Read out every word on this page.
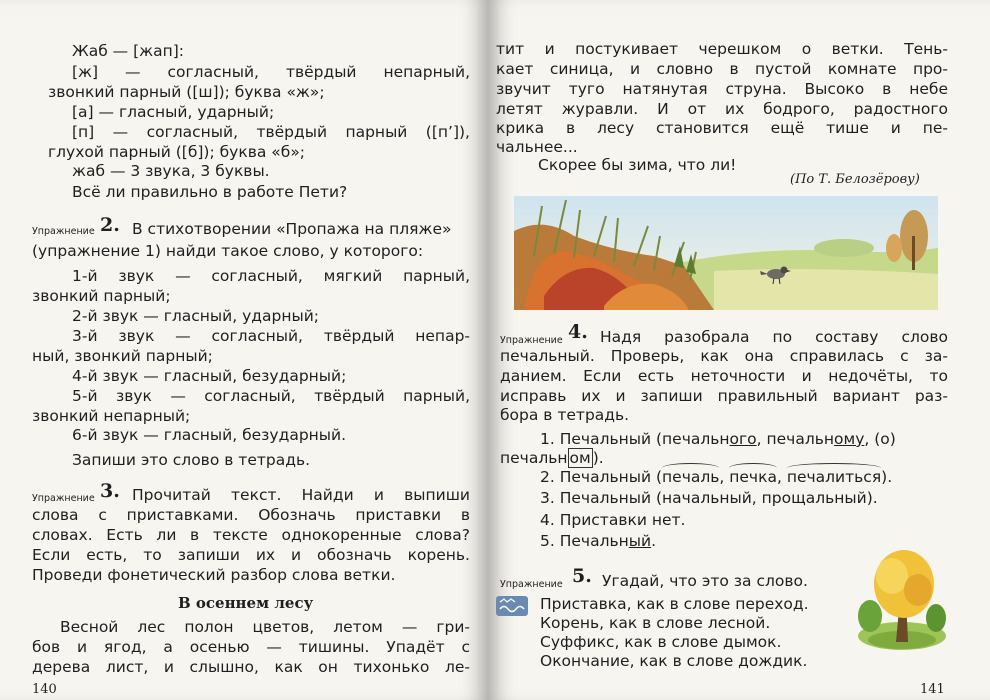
Жаб — [жап]:

[ж] — согласный, твёрдый непарный,

звонкий парный ([ш]); буква «ж»;

[а] — гласный, ударный;

[п] — согласный, твёрдый парный ([п’]),

глухой парный ([б]); буква «б»;

жаб — 3 звука, 3 буквы.

Всё ли правильно в работе Пети?

Упражнение 2. В стихотворении «Пропажа на пляже»

(упражнение 1) найди такое слово, у которого:

1-й звук — согласный, мягкий парный,

звонкий парный;

2-й звук — гласный, ударный;

3-й звук — согласный, твёрдый непар-

ный, звонкий парный;

4-й звук — гласный, безударный;

5-й звук — согласный, твёрдый парный,

звонкий непарный;

6-й звук — гласный, безударный.

Запиши это слово в тетрадь.

Упражнение 3. Прочитай текст. Найди и выпиши

слова с приставками. Обозначь приставки в

словах. Есть ли в тексте однокоренные слова?

Если есть, то запиши их и обозначь корень.

Проведи фонетический разбор слова ветки.

В осеннем лесу

Весной лес полон цветов, летом — гри-

бов и ягод, а осенью — тишины. Упадёт с

дерева лист, и слышно, как он тихонько ле-

140

тит и постукивает черешком о ветки. Тень-

кает синица, и словно в пустой комнате про-

звучит туго натянутая струна. Высоко в небе

летят журавли. И от их бодрого, радостного

крика в лесу становится ещё тише и пе-

чальнее...

Скорее бы зима, что ли!

(По Т. Белозёрову)

Упражнение 4. Надя разобрала по составу слово

печальный. Проверь, как она справилась с за-

данием. Если есть неточности и недочёты, то

исправь их и запиши правильный вариант раз-

бора в тетрадь.

1. Печальный (печального, печальному, (о)

печальн ом ).

2. Печальный (печаль, печка, печалиться).

3. Печальный (начальный, прощальный).

4. Приставки нет.

5. Печальный.

Упражнение 5. Угадай, что это за слово.

Приставка, как в слове переход.

Корень, как в слове лесной.

Суффикс, как в слове дымок.

Окончание, как в слове дождик.

141
